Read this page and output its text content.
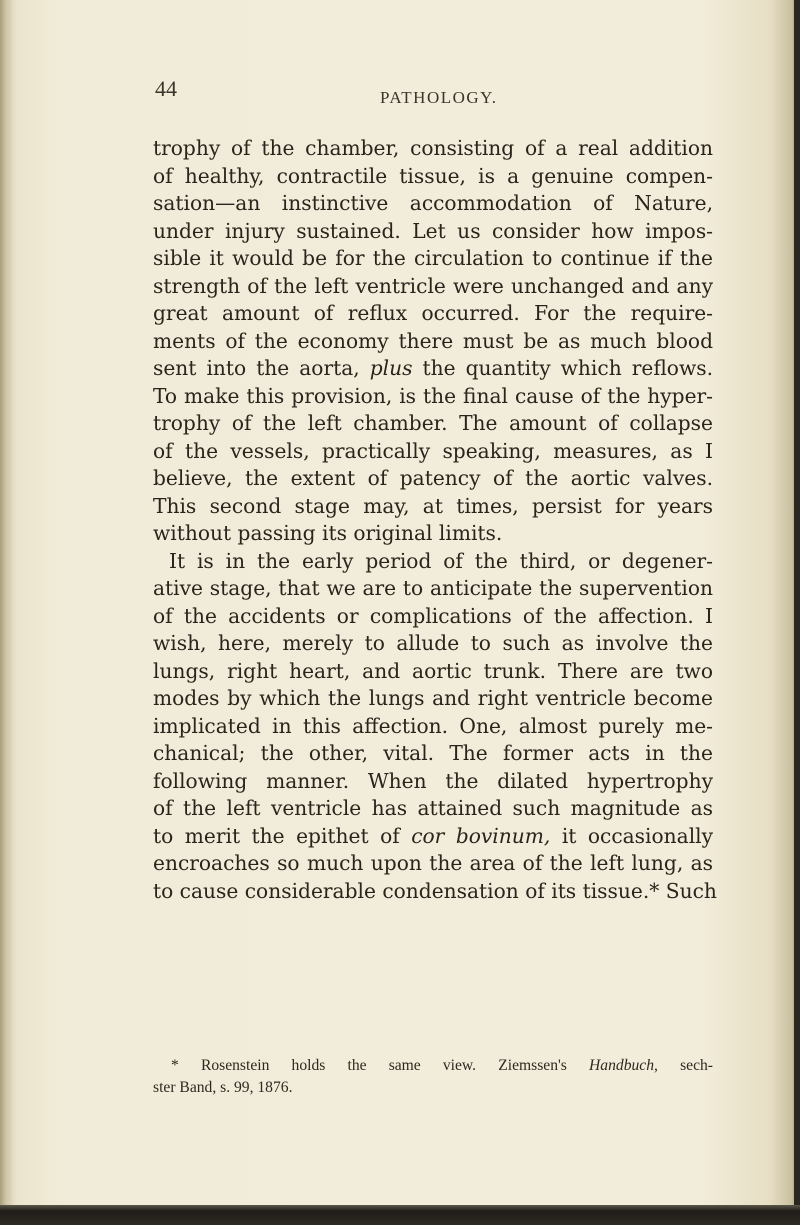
44	PATHOLOGY.
trophy of the chamber, consisting of a real addition
of healthy, contractile tissue, is a genuine compen-
sation—an instinctive accommodation of Nature,
under injury sustained. Let us consider how impos-
sible it would be for the circulation to continue if the
strength of the left ventricle were unchanged and any
great amount of reflux occurred. For the require-
ments of the economy there must be as much blood
sent into the aorta, plus the quantity which reflows.
To make this provision, is the final cause of the hyper-
trophy of the left chamber. The amount of collapse
of the vessels, practically speaking, measures, as I
believe, the extent of patency of the aortic valves.
This second stage may, at times, persist for years
without passing its original limits.
It is in the early period of the third, or degener-
ative stage, that we are to anticipate the supervention
of the accidents or complications of the affection. I
wish, here, merely to allude to such as involve the
lungs, right heart, and aortic trunk. There are two
modes by which the lungs and right ventricle become
implicated in this affection. One, almost purely me-
chanical; the other, vital. The former acts in the
following manner. When the dilated hypertrophy
of the left ventricle has attained such magnitude as
to merit the epithet of cor bovinum, it occasionally
encroaches so much upon the area of the left lung, as
to cause considerable condensation of its tissue.* Such
* Rosenstein holds the same view. Ziemssen's Handbuch, sech-
ster Band, s. 99, 1876.
